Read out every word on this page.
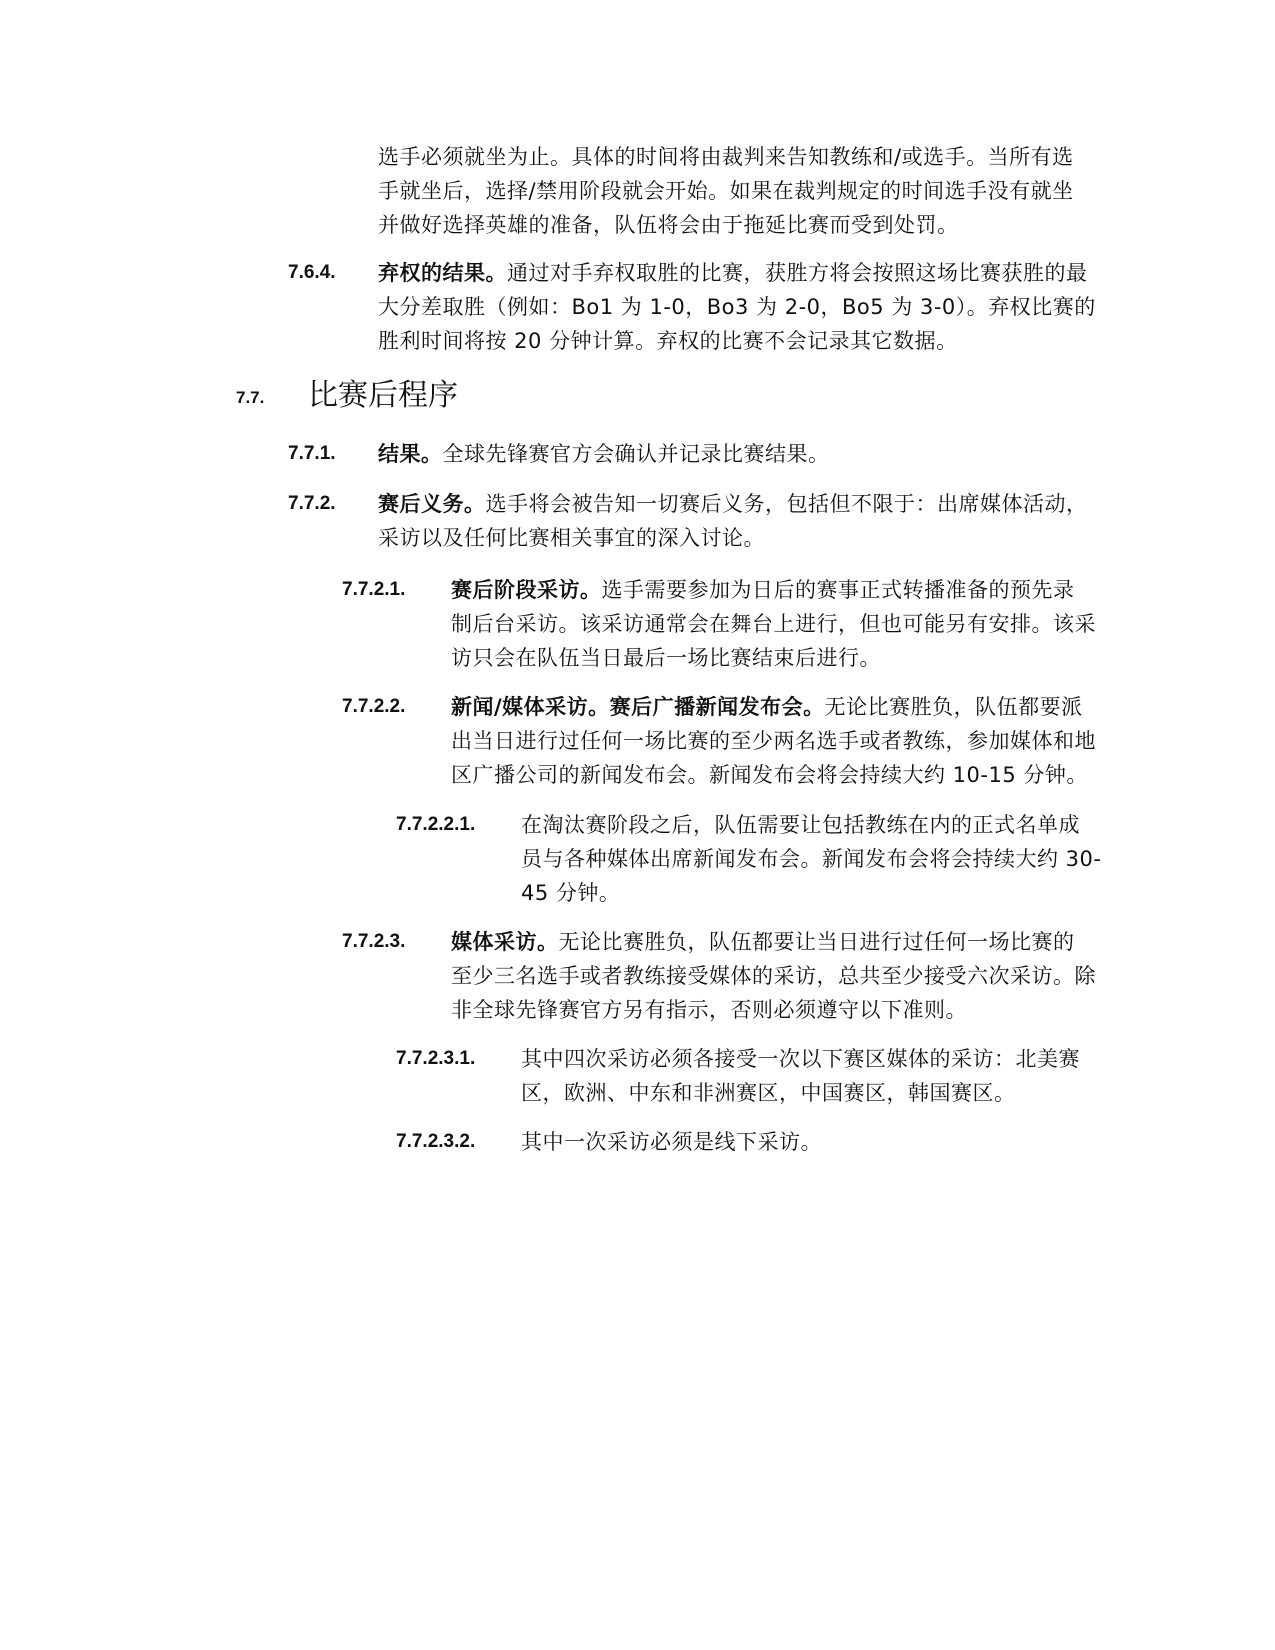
选手必须就坐为止。具体的时间将由裁判来告知教练和/或选手。当所有选
手就坐后，选择/禁用阶段就会开始。如果在裁判规定的时间选手没有就坐
并做好选择英雄的准备，队伍将会由于拖延比赛而受到处罚。
7.6.4. 弃权的结果。通过对手弃权取胜的比赛，获胜方将会按照这场比赛获胜的最
大分差取胜（例如：Bo1 为 1-0，Bo3 为 2-0，Bo5 为 3-0）。弃权比赛的
胜利时间将按 20 分钟计算。弃权的比赛不会记录其它数据。
7.7. 比赛后程序
7.7.1. 结果。全球先锋赛官方会确认并记录比赛结果。
7.7.2. 赛后义务。选手将会被告知一切赛后义务，包括但不限于：出席媒体活动，
采访以及任何比赛相关事宜的深入讨论。
7.7.2.1. 赛后阶段采访。选手需要参加为日后的赛事正式转播准备的预先录
制后台采访。该采访通常会在舞台上进行，但也可能另有安排。该采
访只会在队伍当日最后一场比赛结束后进行。
7.7.2.2. 新闻/媒体采访。赛后广播新闻发布会。无论比赛胜负，队伍都要派
出当日进行过任何一场比赛的至少两名选手或者教练，参加媒体和地
区广播公司的新闻发布会。新闻发布会将会持续大约 10-15 分钟。
7.7.2.2.1. 在淘汰赛阶段之后，队伍需要让包括教练在内的正式名单成
员与各种媒体出席新闻发布会。新闻发布会将会持续大约 30-
45 分钟。
7.7.2.3. 媒体采访。无论比赛胜负，队伍都要让当日进行过任何一场比赛的
至少三名选手或者教练接受媒体的采访，总共至少接受六次采访。除
非全球先锋赛官方另有指示，否则必须遵守以下准则。
7.7.2.3.1. 其中四次采访必须各接受一次以下赛区媒体的采访：北美赛
区，欧洲、中东和非洲赛区，中国赛区，韩国赛区。
7.7.2.3.2. 其中一次采访必须是线下采访。
